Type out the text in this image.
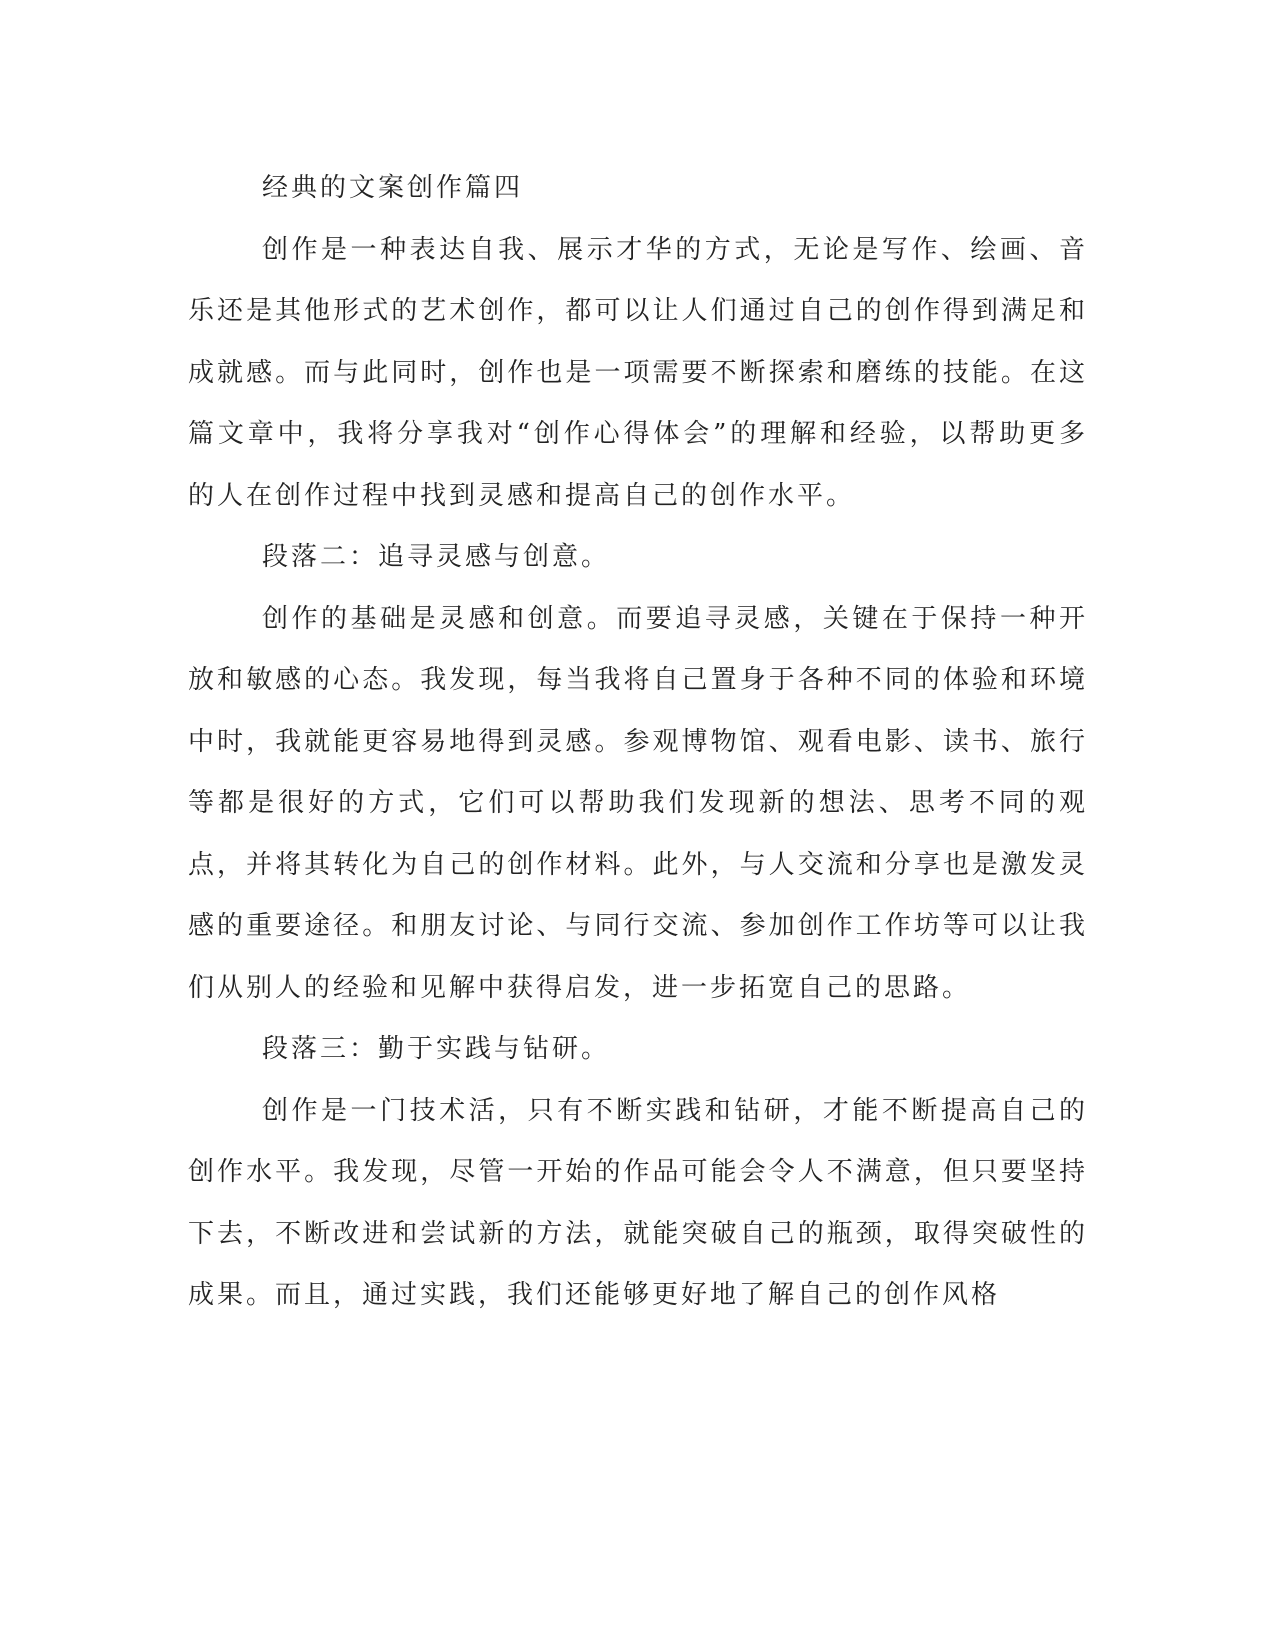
经典的文案创作篇四

创作是一种表达自我、展示才华的方式，无论是写作、绘画、音乐还是其他形式的艺术创作，都可以让人们通过自己的创作得到满足和成就感。而与此同时，创作也是一项需要不断探索和磨练的技能。在这篇文章中，我将分享我对“创作心得体会”的理解和经验，以帮助更多的人在创作过程中找到灵感和提高自己的创作水平。

段落二：追寻灵感与创意。

创作的基础是灵感和创意。而要追寻灵感，关键在于保持一种开放和敏感的心态。我发现，每当我将自己置身于各种不同的体验和环境中时，我就能更容易地得到灵感。参观博物馆、观看电影、读书、旅行等都是很好的方式，它们可以帮助我们发现新的想法、思考不同的观点，并将其转化为自己的创作材料。此外，与人交流和分享也是激发灵感的重要途径。和朋友讨论、与同行交流、参加创作工作坊等可以让我们从别人的经验和见解中获得启发，进一步拓宽自己的思路。

段落三：勤于实践与钻研。

创作是一门技术活，只有不断实践和钻研，才能不断提高自己的创作水平。我发现，尽管一开始的作品可能会令人不满意，但只要坚持下去，不断改进和尝试新的方法，就能突破自己的瓶颈，取得突破性的成果。而且，通过实践，我们还能够更好地了解自己的创作风格
